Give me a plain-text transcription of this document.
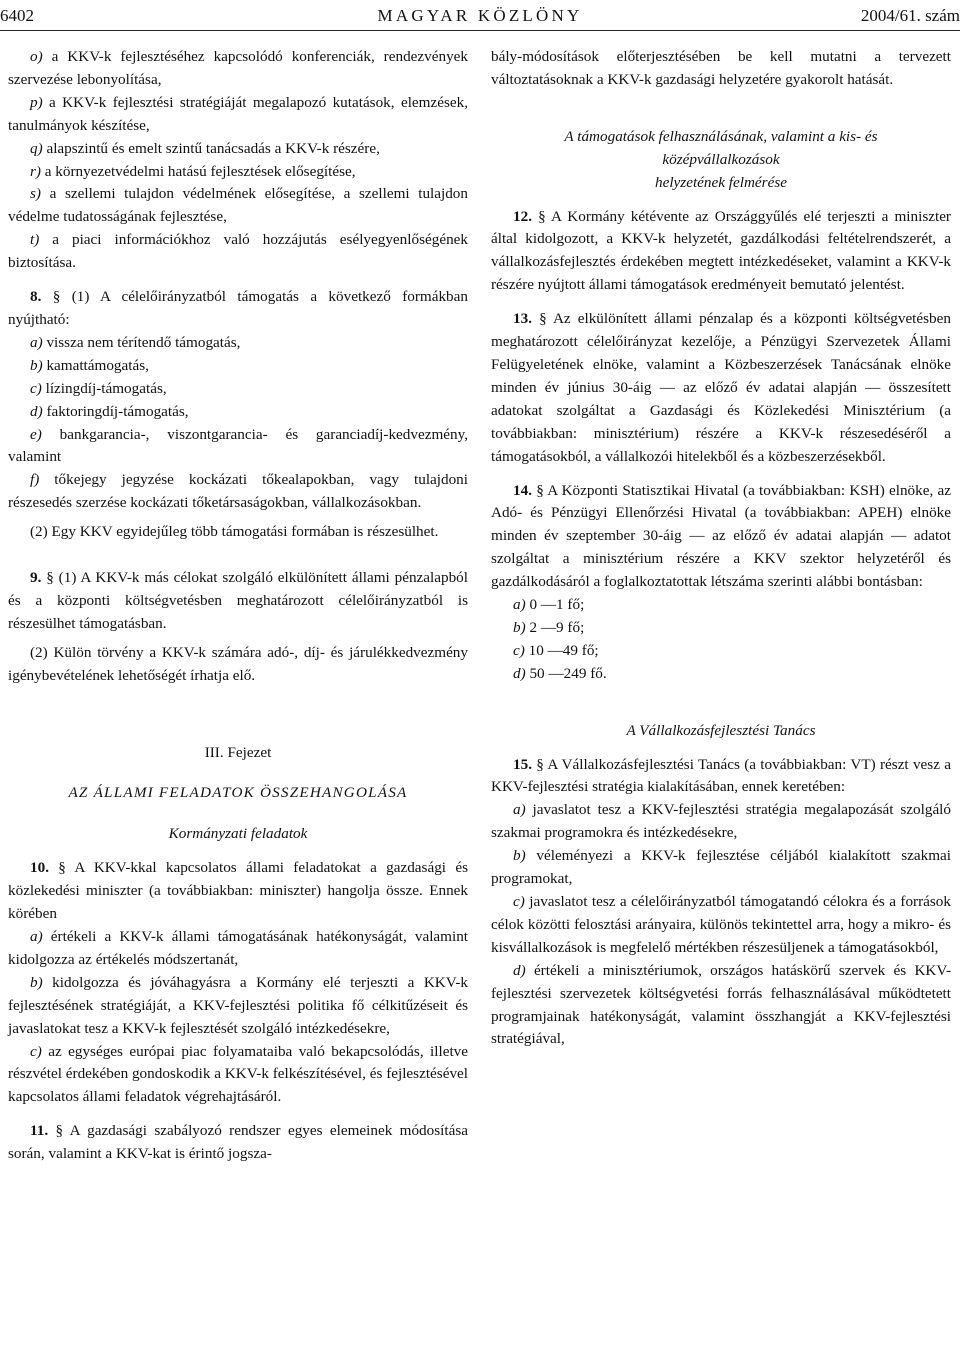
6402	MAGYAR KÖZLÖNY	2004/61. szám

o) a KKV-k fejlesztéséhez kapcsolódó konferenciák, rendezvények szervezése lebonyolítása,

p) a KKV-k fejlesztési stratégiáját megalapozó kutatások, elemzések, tanulmányok készítése,

q) alapszintű és emelt szintű tanácsadás a KKV-k részére,

r) a környezetvédelmi hatású fejlesztések elősegítése,

s) a szellemi tulajdon védelmének elősegítése, a szellemi tulajdon védelme tudatosságának fejlesztése,

t) a piaci információkhoz való hozzájutás esélyegyenlőségének biztosítása.

8. § (1) A célelőirányzatból támogatás a következő formákban nyújtható:

a) vissza nem térítendő támogatás,

b) kamattámogatás,

c) lízingdíj-támogatás,

d) faktoringdíj-támogatás,

e) bankgarancia-, viszontgarancia- és garanciadíj-kedvezmény, valamint

f) tőkejegy jegyzése kockázati tőkealapokban, vagy tulajdoni részesedés szerzése kockázati tőketársaságokban, vállalkozásokban.

(2) Egy KKV egyidejűleg több támogatási formában is részesülhet.

9. § (1) A KKV-k más célokat szolgáló elkülönített állami pénzalapból és a központi költségvetésben meghatározott célelőirányzatból is részesülhet támogatásban.

(2) Külön törvény a KKV-k számára adó-, díj- és járulékkedvezmény igénybevételének lehetőségét írhatja elő.

III. Fejezet

AZ ÁLLAMI FELADATOK ÖSSZEHANGOLÁSA

Kormányzati feladatok

10. § A KKV-kkal kapcsolatos állami feladatokat a gazdasági és közlekedési miniszter (a továbbiakban: miniszter) hangolja össze. Ennek körében

a) értékeli a KKV-k állami támogatásának hatékonyságát, valamint kidolgozza az értékelés módszertanát,

b) kidolgozza és jóváhagyásra a Kormány elé terjeszti a KKV-k fejlesztésének stratégiáját, a KKV-fejlesztési politika fő célkitűzéseit és javaslatokat tesz a KKV-k fejlesztését szolgáló intézkedésekre,

c) az egységes európai piac folyamataiba való bekapcsolódás, illetve részvétel érdekében gondoskodik a KKV-k felkészítésével, és fejlesztésével kapcsolatos állami feladatok végrehajtásáról.

11. § A gazdasági szabályozó rendszer egyes elemeinek módosítása során, valamint a KKV-kat is érintő jogsza-

bály-módosítások előterjesztésében be kell mutatni a tervezett változtatásoknak a KKV-k gazdasági helyzetére gyakorolt hatását.

A támogatások felhasználásának, valamint a kis- és

középvállalkozások

helyzetének felmérése

12. § A Kormány kétévente az Országgyűlés elé terjeszti a miniszter által kidolgozott, a KKV-k helyzetét, gazdálkodási feltételrendszerét, a vállalkozásfejlesztés érdekében megtett intézkedéseket, valamint a KKV-k részére nyújtott állami támogatások eredményeit bemutató jelentést.

13. § Az elkülönített állami pénzalap és a központi költségvetésben meghatározott célelőirányzat kezelője, a Pénzügyi Szervezetek Állami Felügyeletének elnöke, valamint a Közbeszerzések Tanácsának elnöke minden év június 30-áig — az előző év adatai alapján — összesített adatokat szolgáltat a Gazdasági és Közlekedési Minisztérium (a továbbiakban: minisztérium) részére a KKV-k részesedéséről a támogatásokból, a vállalkozói hitelekből és a közbeszerzésekből.

14. § A Központi Statisztikai Hivatal (a továbbiakban: KSH) elnöke, az Adó- és Pénzügyi Ellenőrzési Hivatal (a továbbiakban: APEH) elnöke minden év szeptember 30-áig — az előző év adatai alapján — adatot szolgáltat a minisztérium részére a KKV szektor helyzetéről és gazdálkodásáról a foglalkoztatottak létszáma szerinti alábbi bontásban:

a) 0 —1 fő;

b) 2 —9 fő;

c) 10 —49 fő;

d) 50 —249 fő.

A Vállalkozásfejlesztési Tanács

15. § A Vállalkozásfejlesztési Tanács (a továbbiakban: VT) részt vesz a KKV-fejlesztési stratégia kialakításában, ennek keretében:

a) javaslatot tesz a KKV-fejlesztési stratégia megalapozását szolgáló szakmai programokra és intézkedésekre,

b) véleményezi a KKV-k fejlesztése céljából kialakított szakmai programokat,

c) javaslatot tesz a célelőirányzatból támogatandó célokra és a források célok közötti felosztási arányaira, különös tekintettel arra, hogy a mikro- és kisvállalkozások is megfelelő mértékben részesüljenek a támogatásokból,

d) értékeli a minisztériumok, országos hatáskörű szervek és KKV-fejlesztési szervezetek költségvetési forrás felhasználásával működtetett programjainak hatékonyságát, valamint összhangját a KKV-fejlesztési stratégiával,
